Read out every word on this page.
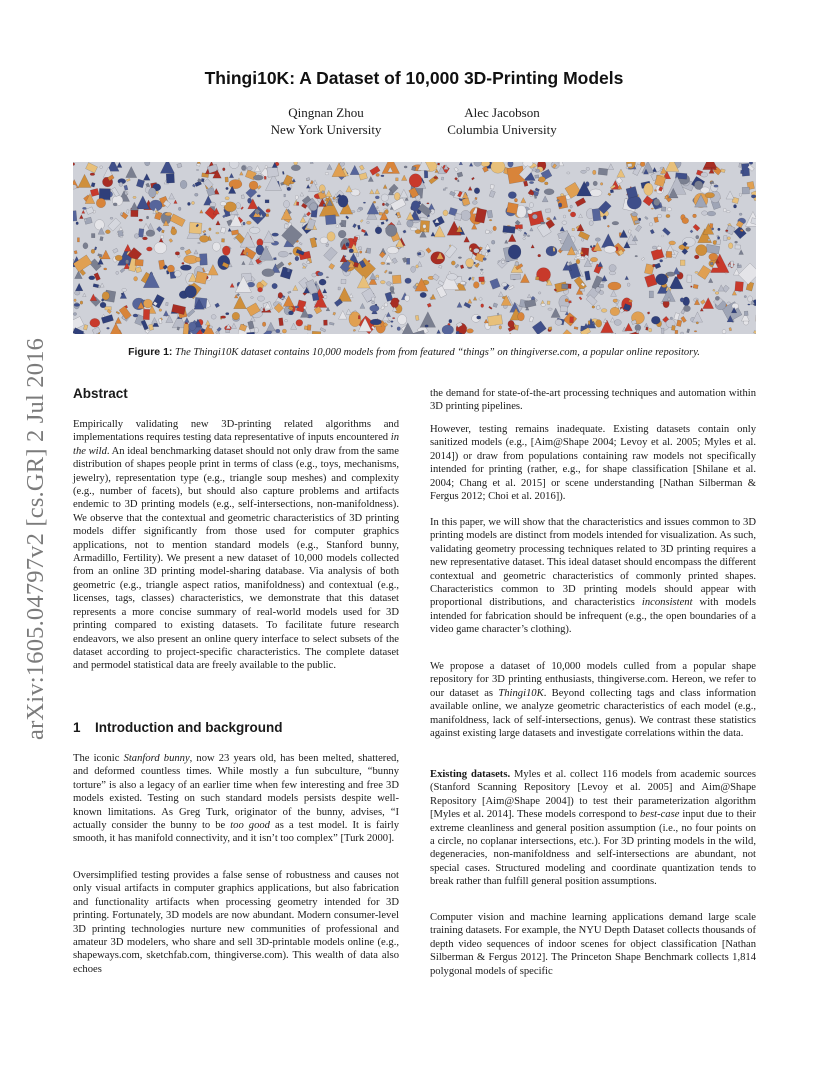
arXiv:1605.04797v2 [cs.GR] 2 Jul 2016
Thingi10K: A Dataset of 10,000 3D-Printing Models
Qingnan Zhou
New York University
Alec Jacobson
Columbia University
Figure 1: The Thingi10K dataset contains 10,000 models from from featured “things” on thingiverse.com, a popular online repository.
Abstract

Empirically validating new 3D-printing related algorithms and implementations requires testing data representative of inputs encountered in the wild. An ideal benchmarking dataset should not only draw from the same distribution of shapes people print in terms of class (e.g., toys, mechanisms, jewelry), representation type (e.g., triangle soup meshes) and complexity (e.g., number of facets), but should also capture problems and artifacts endemic to 3D printing models (e.g., self-intersections, non-manifoldness). We observe that the contextual and geometric characteristics of 3D printing models differ significantly from those used for computer graphics applications, not to mention standard models (e.g., Stanford bunny, Armadillo, Fertility). We present a new dataset of 10,000 models collected from an online 3D printing model-sharing database. Via analysis of both geometric (e.g., triangle aspect ratios, manifoldness) and contextual (e.g., licenses, tags, classes) characteristics, we demonstrate that this dataset represents a more concise summary of real-world models used for 3D printing compared to existing datasets. To facilitate future research endeavors, we also present an online query interface to select subsets of the dataset according to project-specific characteristics. The complete dataset and permodel statistical data are freely available to the public.

1 Introduction and background

The iconic Stanford bunny, now 23 years old, has been melted, shattered, and deformed countless times. While mostly a fun subculture, “bunny torture” is also a legacy of an earlier time when few interesting and free 3D models existed. Testing on such standard models persists despite well-known limitations. As Greg Turk, originator of the bunny, advises, “I actually consider the bunny to be too good as a test model. It is fairly smooth, it has manifold connectivity, and it isn’t too complex” [Turk 2000].

Oversimplified testing provides a false sense of robustness and causes not only visual artifacts in computer graphics applications, but also fabrication and functionality artifacts when processing geometry intended for 3D printing. Fortunately, 3D models are now abundant. Modern consumer-level 3D printing technologies nurture new communities of professional and amateur 3D modelers, who share and sell 3D-printable models online (e.g., shapeways.com, sketchfab.com, thingiverse.com). This wealth of data also echoes

the demand for state-of-the-art processing techniques and automation within 3D printing pipelines.

However, testing remains inadequate. Existing datasets contain only sanitized models (e.g., [Aim@Shape 2004; Levoy et al. 2005; Myles et al. 2014]) or draw from populations containing raw models not specifically intended for printing (rather, e.g., for shape classification [Shilane et al. 2004; Chang et al. 2015] or scene understanding [Nathan Silberman & Fergus 2012; Choi et al. 2016]).

In this paper, we will show that the characteristics and issues common to 3D printing models are distinct from models intended for visualization. As such, validating geometry processing techniques related to 3D printing requires a new representative dataset. This ideal dataset should encompass the different contextual and geometric characteristics of commonly printed shapes. Characteristics common to 3D printing models should appear with proportional distributions, and characteristics inconsistent with models intended for fabrication should be infrequent (e.g., the open boundaries of a video game character’s clothing).

We propose a dataset of 10,000 models culled from a popular shape repository for 3D printing enthusiasts, thingiverse.com. Hereon, we refer to our dataset as Thingi10K. Beyond collecting tags and class information available online, we analyze geometric characteristics of each model (e.g., manifoldness, lack of self-intersections, genus). We contrast these statistics against existing large datasets and investigate correlations within the data.

Existing datasets. Myles et al. collect 116 models from academic sources (Stanford Scanning Repository [Levoy et al. 2005] and Aim@Shape Repository [Aim@Shape 2004]) to test their parameterization algorithm [Myles et al. 2014]. These models correspond to best-case input due to their extreme cleanliness and general position assumption (i.e., no four points on a circle, no coplanar intersections, etc.). For 3D printing models in the wild, degeneracies, non-manifoldness and self-intersections are abundant, not special cases. Structured modeling and coordinate quantization tends to break rather than fulfill general position assumptions.

Computer vision and machine learning applications demand large scale training datasets. For example, the NYU Depth Dataset collects thousands of depth video sequences of indoor scenes for object classification [Nathan Silberman & Fergus 2012]. The Princeton Shape Benchmark collects 1,814 polygonal models of specific
